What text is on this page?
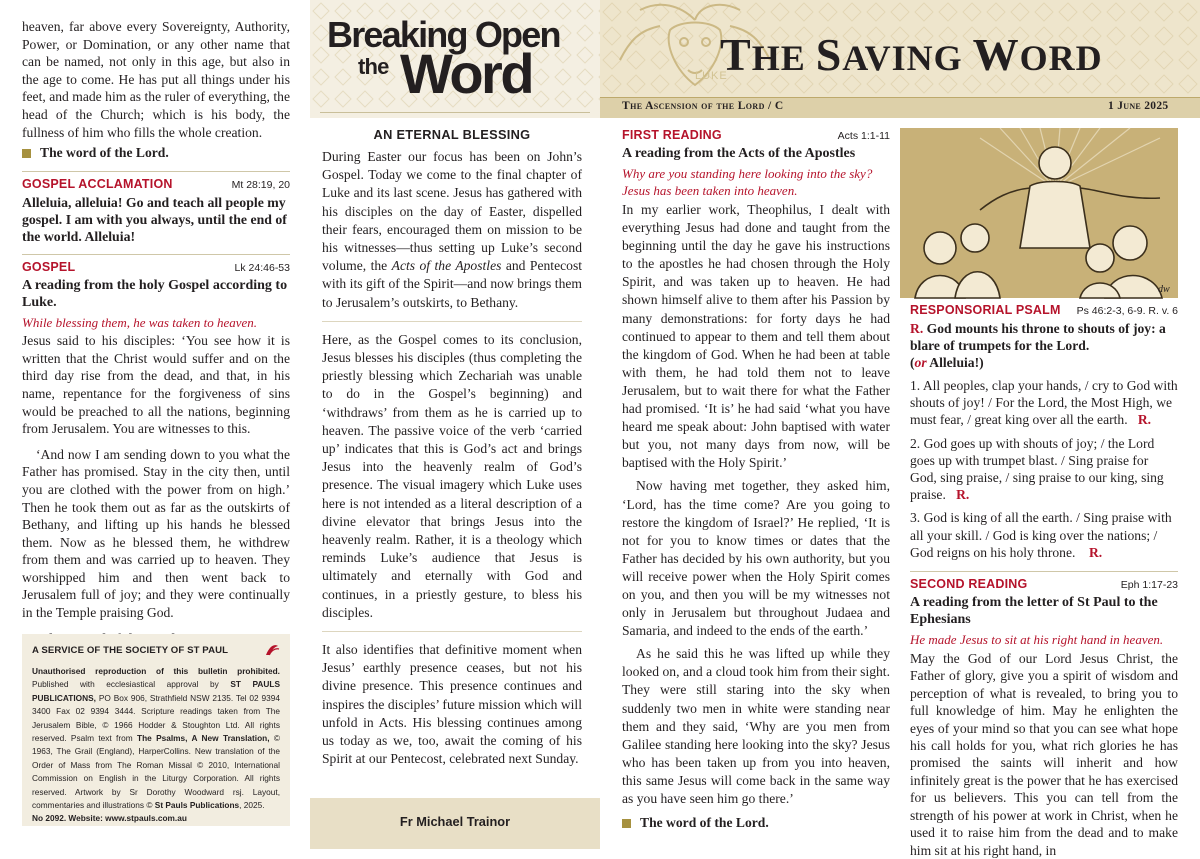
heaven, far above every Sovereignty, Authority, Power, or Domination, or any other name that can be named, not only in this age, but also in the age to come. He has put all things under his feet, and made him as the ruler of everything, the head of the Church; which is his body, the fullness of him who fills the whole creation.
The word of the Lord.
GOSPEL ACCLAMATION	Mt 28:19, 20
Alleluia, alleluia! Go and teach all people my gospel. I am with you always, until the end of the world. Alleluia!
GOSPEL	Lk 24:46-53
A reading from the holy Gospel according to Luke.
While blessing them, he was taken to heaven.

Jesus said to his disciples: ‘You see how it is written that the Christ would suffer and on the third day rise from the dead, and that, in his name, repentance for the forgiveness of sins would be preached to all the nations, beginning from Jerusalem. You are witnesses to this.

‘And now I am sending down to you what the Father has promised. Stay in the city then, until you are clothed with the power from on high.’ Then he took them out as far as the outskirts of Bethany, and lifting up his hands he blessed them. Now as he blessed them, he withdrew from them and was carried up to heaven. They worshipped him and then went back to Jerusalem full of joy; and they were continually in the Temple praising God.

A SERVICE OF THE SOCIETY OF ST PAUL
Unauthorised reproduction of this bulletin prohibited. Published with ecclesiastical approval by ST PAULS PUBLICATIONS, PO Box 906, Strathfield NSW 2135. Tel 02 9394 3400 Fax 02 9394 3444. Scripture readings taken from The Jerusalem Bible, © 1966 Hodder & Stoughton Ltd. All rights reserved. Psalm text from The Psalms, A New Translation, © 1963, The Grail (England), HarperCollins. New translation of the Order of Mass from The Roman Missal © 2010, International Commission on English in the Liturgy Corporation. All rights reserved. Artwork by Sr Dorothy Woodward rsj. Layout, commentaries and illustrations © St Pauls Publications, 2025.
No 2092. Website: www.stpauls.com.au
Breaking Open
the Word
AN ETERNAL BLESSING

During Easter our focus has been on John’s Gospel. Today we come to the final chapter of Luke and its last scene. Jesus has gathered with his disciples on the day of Easter, dispelled their fears, encouraged them on mission to be his witnesses—thus setting up Luke’s second volume, the Acts of the Apostles and Pentecost with its gift of the Spirit—and now brings them to Jerusalem’s outskirts, to Bethany.

Here, as the Gospel comes to its conclusion, Jesus blesses his disciples (thus completing the priestly blessing which Zechariah was unable to do in the Gospel’s beginning) and ‘withdraws’ from them as he is carried up to heaven. The passive voice of the verb ‘carried up’ indicates that this is God’s act and brings Jesus into the heavenly realm of God’s presence. The visual imagery which Luke uses here is not intended as a literal description of a divine elevator that brings Jesus into the heavenly realm. Rather, it is a theology which reminds Luke’s audience that Jesus is ultimately and eternally with God and continues, in a priestly gesture, to bless his disciples.

It also identifies that definitive moment when Jesus’ earthly presence ceases, but not his divine presence. This presence continues and inspires the disciples’ future mission which will unfold in Acts. His blessing continues among us today as we, too, await the coming of his Spirit at our Pentecost, celebrated next Sunday.

Fr Michael Trainor
LUKE
THE SAVING WORD
The Ascension of the Lord / C	1 June 2025
FIRST READING	Acts 1:1-11
A reading from the Acts of the Apostles
Why are you standing here looking into the sky? Jesus has been taken into heaven.

In my earlier work, Theophilus, I dealt with everything Jesus had done and taught from the beginning until the day he gave his instructions to the apostles he had chosen through the Holy Spirit, and was taken up to heaven. He had shown himself alive to them after his Passion by many demonstrations: for forty days he had continued to appear to them and tell them about the kingdom of God. When he had been at table with them, he had told them not to leave Jerusalem, but to wait there for what the Father had promised. ‘It is’ he had said ‘what you have heard me speak about: John baptised with water but you, not many days from now, will be baptised with the Holy Spirit.’

Now having met together, they asked him, ‘Lord, has the time come? Are you going to restore the kingdom of Israel?’ He replied, ‘It is not for you to know times or dates that the Father has decided by his own authority, but you will receive power when the Holy Spirit comes on you, and then you will be my witnesses not only in Jerusalem but throughout Judaea and Samaria, and indeed to the ends of the earth.’

As he said this he was lifted up while they looked on, and a cloud took him from their sight. They were still staring into the sky when suddenly two men in white were standing near them and they said, ‘Why are you men from Galilee standing here looking into the sky? Jesus who has been taken up from you into heaven, this same Jesus will come back in the same way as you have seen him go there.’

The word of the Lord.
dw
RESPONSORIAL PSALM Ps 46:2-3, 6-9. R. v. 6
R. God mounts his throne to shouts of joy: a blare of trumpets for the Lord.
(or Alleluia!)
1. All peoples, clap your hands, / cry to God with shouts of joy! / For the Lord, the Most High, we must fear, / great king over all the earth. R.
2. God goes up with shouts of joy; / the Lord goes up with trumpet blast. / Sing praise for God, sing praise, / sing praise to our king, sing praise. R.
3. God is king of all the earth. / Sing praise with all your skill. / God is king over the nations; / God reigns on his holy throne. R.
SECOND READING	Eph 1:17-23
A reading from the letter of St Paul to the Ephesians
He made Jesus to sit at his right hand in heaven.
May the God of our Lord Jesus Christ, the Father of glory, give you a spirit of wisdom and perception of what is revealed, to bring you to full knowledge of him. May he enlighten the eyes of your mind so that you can see what hope his call holds for you, what rich glories he has promised the saints will inherit and how infinitely great is the power that he has exercised for us believers. This you can tell from the strength of his power at work in Christ, when he used it to raise him from the dead and to make him sit at his right hand, in
